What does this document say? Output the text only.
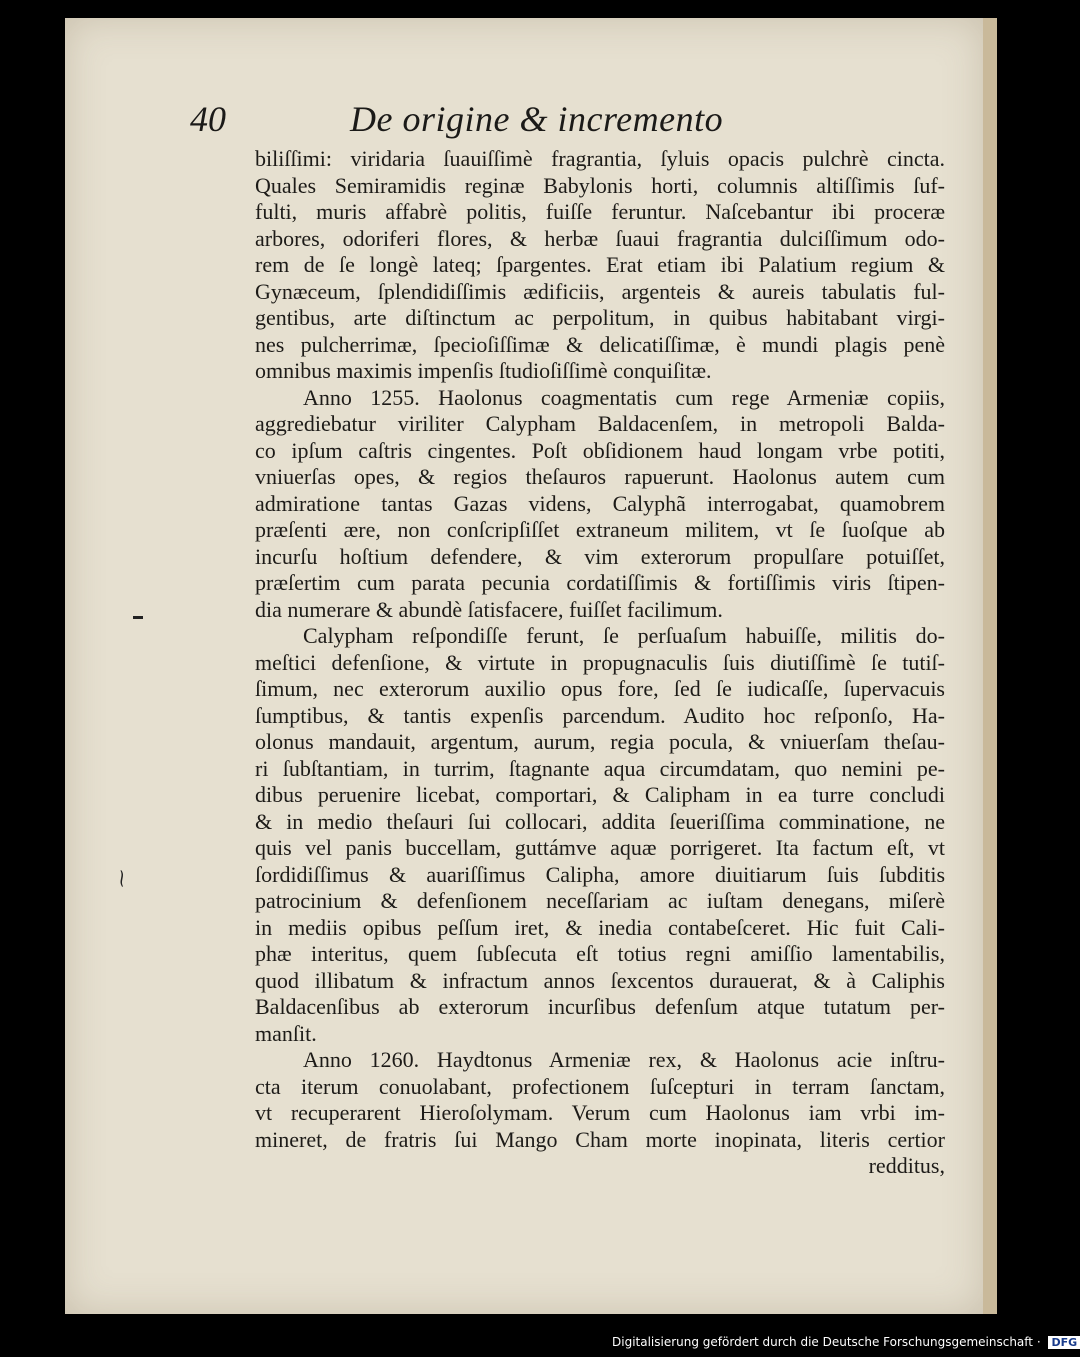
⁓
40	De origine & incremento
biliſſimi: viridaria ſuauiſſimè fragrantia, ſyluis opacis pulchrè cincta.
Quales Semiramidis reginæ Babylonis horti, columnis altiſſimis ſuf-
fulti, muris affabrè politis, fuiſſe feruntur. Naſcebantur ibi proceræ
arbores, odoriferi flores, & herbæ ſuaui fragrantia dulciſſimum odo-
rem de ſe longè lateq; ſpargentes. Erat etiam ibi Palatium regium &
Gynæceum, ſplendidiſſimis ædificiis, argenteis & aureis tabulatis ful-
gentibus, arte diſtinctum ac perpolitum, in quibus habitabant virgi-
nes pulcherrimæ, ſpecioſiſſimæ & delicatiſſimæ, è mundi plagis penè
omnibus maximis impenſis ſtudioſiſſimè conquiſitæ.
Anno 1255. Haolonus coagmentatis cum rege Armeniæ copiis,
aggrediebatur viriliter Calypham Baldacenſem, in metropoli Balda-
co ipſum caſtris cingentes. Poſt obſidionem haud longam vrbe potiti,
vniuerſas opes, & regios theſauros rapuerunt. Haolonus autem cum
admiratione tantas Gazas videns, Calyphã interrogabat, quamobrem
præſenti ære, non conſcripſiſſet extraneum militem, vt ſe ſuoſque ab
incurſu hoſtium defendere, & vim exterorum propulſare potuiſſet,
præſertim cum parata pecunia cordatiſſimis & fortiſſimis viris ſtipen-
dia numerare & abundè ſatisfacere, fuiſſet facilimum.
Calypham reſpondiſſe ferunt, ſe perſuaſum habuiſſe, militis do-
meſtici defenſione, & virtute in propugnaculis ſuis diutiſſimè ſe tutiſ-
ſimum, nec exterorum auxilio opus fore, ſed ſe iudicaſſe, ſupervacuis
ſumptibus, & tantis expenſis parcendum. Audito hoc reſponſo, Ha-
olonus mandauit, argentum, aurum, regia pocula, & vniuerſam theſau-
ri ſubſtantiam, in turrim, ſtagnante aqua circumdatam, quo nemini pe-
dibus peruenire licebat, comportari, & Calipham in ea turre concludi
& in medio theſauri ſui collocari, addita ſeueriſſima comminatione, ne
quis vel panis buccellam, guttámve aquæ porrigeret. Ita factum eſt, vt
ſordidiſſimus & auariſſimus Calipha, amore diuitiarum ſuis ſubditis
patrocinium & defenſionem neceſſariam ac iuſtam denegans, miſerè
in mediis opibus peſſum iret, & inedia contabeſceret. Hic fuit Cali-
phæ interitus, quem ſubſecuta eſt totius regni amiſſio lamentabilis,
quod illibatum & infractum annos ſexcentos durauerat, & à Caliphis
Baldacenſibus ab exterorum incurſibus defenſum atque tutatum per-
manſit.
Anno 1260. Haydtonus Armeniæ rex, & Haolonus acie inſtru-
cta iterum conuolabant, profectionem ſuſcepturi in terram ſanctam,
vt recuperarent Hieroſolymam. Verum cum Haolonus iam vrbi im-
mineret, de fratris ſui Mango Cham morte inopinata, literis certior
redditus,
Digitalisierung gefördert durch die Deutsche Forschungsgemeinschaft · DFG
